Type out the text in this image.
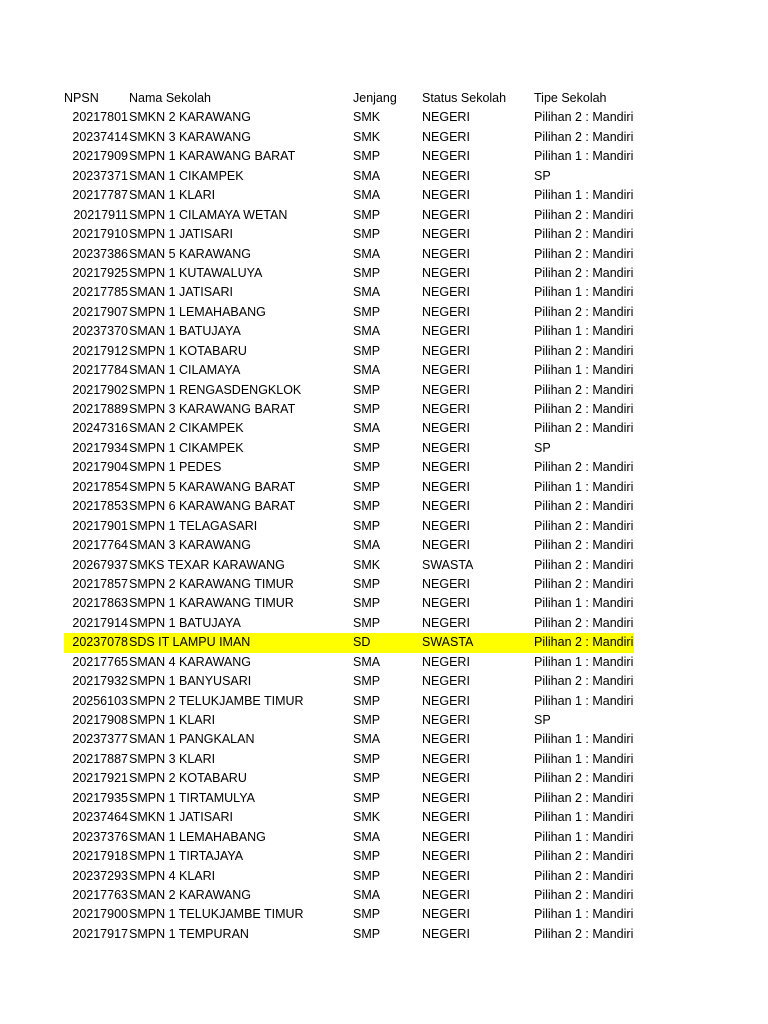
NPSN	Nama Sekolah	Jenjang	Status Sekolah	Tipe Sekolah
20217801 SMKN 2 KARAWANG	SMK	NEGERI	Pilihan 2 : Mandiri
20237414 SMKN 3 KARAWANG	SMK	NEGERI	Pilihan 2 : Mandiri
20217909 SMPN 1 KARAWANG BARAT	SMP	NEGERI	Pilihan 1 : Mandiri
20237371 SMAN 1 CIKAMPEK	SMA	NEGERI	SP
20217787 SMAN 1 KLARI	SMA	NEGERI	Pilihan 1 : Mandiri
20217911 SMPN 1 CILAMAYA WETAN	SMP	NEGERI	Pilihan 2 : Mandiri
20217910 SMPN 1 JATISARI	SMP	NEGERI	Pilihan 2 : Mandiri
20237386 SMAN 5 KARAWANG	SMA	NEGERI	Pilihan 2 : Mandiri
20217925 SMPN 1 KUTAWALUYA	SMP	NEGERI	Pilihan 2 : Mandiri
20217785 SMAN 1 JATISARI	SMA	NEGERI	Pilihan 1 : Mandiri
20217907 SMPN 1 LEMAHABANG	SMP	NEGERI	Pilihan 2 : Mandiri
20237370 SMAN 1 BATUJAYA	SMA	NEGERI	Pilihan 1 : Mandiri
20217912 SMPN 1 KOTABARU	SMP	NEGERI	Pilihan 2 : Mandiri
20217784 SMAN 1 CILAMAYA	SMA	NEGERI	Pilihan 1 : Mandiri
20217902 SMPN 1 RENGASDENGKLOK	SMP	NEGERI	Pilihan 2 : Mandiri
20217889 SMPN 3 KARAWANG BARAT	SMP	NEGERI	Pilihan 2 : Mandiri
20247316 SMAN 2 CIKAMPEK	SMA	NEGERI	Pilihan 2 : Mandiri
20217934 SMPN 1 CIKAMPEK	SMP	NEGERI	SP
20217904 SMPN 1 PEDES	SMP	NEGERI	Pilihan 2 : Mandiri
20217854 SMPN 5 KARAWANG BARAT	SMP	NEGERI	Pilihan 1 : Mandiri
20217853 SMPN 6 KARAWANG BARAT	SMP	NEGERI	Pilihan 2 : Mandiri
20217901 SMPN 1 TELAGASARI	SMP	NEGERI	Pilihan 2 : Mandiri
20217764 SMAN 3 KARAWANG	SMA	NEGERI	Pilihan 2 : Mandiri
20267937 SMKS TEXAR KARAWANG	SMK	SWASTA	Pilihan 2 : Mandiri
20217857 SMPN 2 KARAWANG TIMUR	SMP	NEGERI	Pilihan 2 : Mandiri
20217863 SMPN 1 KARAWANG TIMUR	SMP	NEGERI	Pilihan 1 : Mandiri
20217914 SMPN 1 BATUJAYA	SMP	NEGERI	Pilihan 2 : Mandiri
20237078 SDS IT LAMPU IMAN	SD	SWASTA	Pilihan 2 : Mandiri
20217765 SMAN 4 KARAWANG	SMA	NEGERI	Pilihan 1 : Mandiri
20217932 SMPN 1 BANYUSARI	SMP	NEGERI	Pilihan 2 : Mandiri
20256103 SMPN 2 TELUKJAMBE TIMUR	SMP	NEGERI	Pilihan 1 : Mandiri
20217908 SMPN 1 KLARI	SMP	NEGERI	SP
20237377 SMAN 1 PANGKALAN	SMA	NEGERI	Pilihan 1 : Mandiri
20217887 SMPN 3 KLARI	SMP	NEGERI	Pilihan 1 : Mandiri
20217921 SMPN 2 KOTABARU	SMP	NEGERI	Pilihan 2 : Mandiri
20217935 SMPN 1 TIRTAMULYA	SMP	NEGERI	Pilihan 2 : Mandiri
20237464 SMKN 1 JATISARI	SMK	NEGERI	Pilihan 1 : Mandiri
20237376 SMAN 1 LEMAHABANG	SMA	NEGERI	Pilihan 1 : Mandiri
20217918 SMPN 1 TIRTAJAYA	SMP	NEGERI	Pilihan 2 : Mandiri
20237293 SMPN 4 KLARI	SMP	NEGERI	Pilihan 2 : Mandiri
20217763 SMAN 2 KARAWANG	SMA	NEGERI	Pilihan 2 : Mandiri
20217900 SMPN 1 TELUKJAMBE TIMUR	SMP	NEGERI	Pilihan 1 : Mandiri
20217917 SMPN 1 TEMPURAN	SMP	NEGERI	Pilihan 2 : Mandiri
